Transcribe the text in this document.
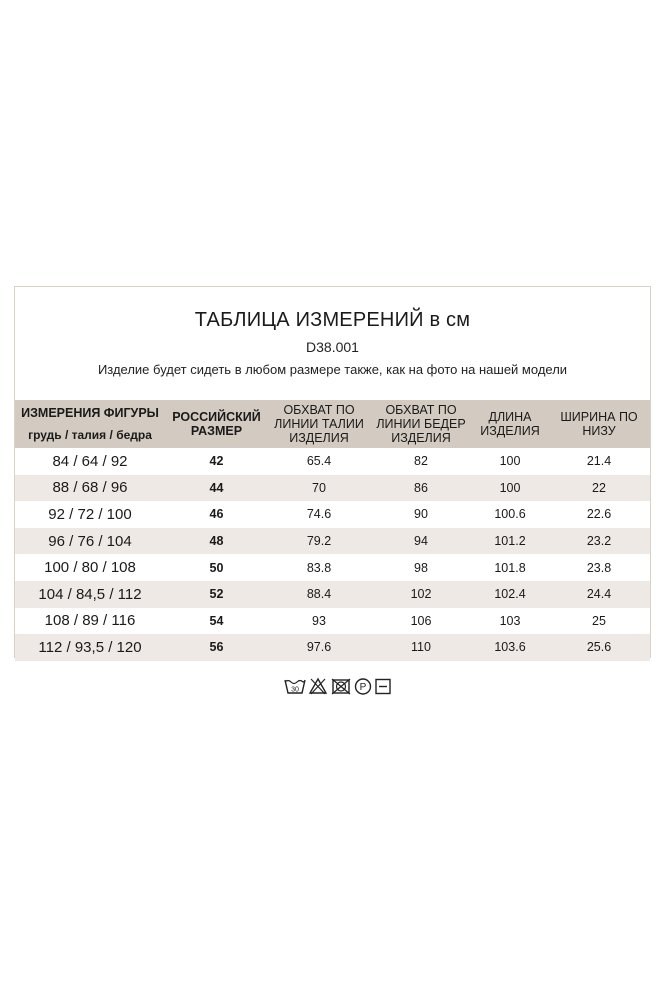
ТАБЛИЦА ИЗМЕРЕНИЙ в см
D38.001
Изделие будет сидеть в любом размере также, как на фото на нашей модели
ИЗМЕРЕНИЯ ФИГУРЫ
грудь / талия / бедра	РОССИЙСКИЙ РАЗМЕР	ОБХВАТ ПО ЛИНИИ ТАЛИИ ИЗДЕЛИЯ	ОБХВАТ ПО ЛИНИИ БЕДЕР ИЗДЕЛИЯ	ДЛИНА ИЗДЕЛИЯ	ШИРИНА ПО НИЗУ
84 / 64 / 92	42	65.4	82	100	21.4
88 / 68 / 96	44	70	86	100	22
92 / 72 / 100	46	74.6	90	100.6	22.6
96 / 76 / 104	48	79.2	94	101.2	23.2
100 / 80 / 108	50	83.8	98	101.8	23.8
104 / 84,5 / 112	52	88.4	102	102.4	24.4
108 / 89 / 116	54	93	106	103	25
112 / 93,5 / 120	56	97.6	110	103.6	25.6
30	P
